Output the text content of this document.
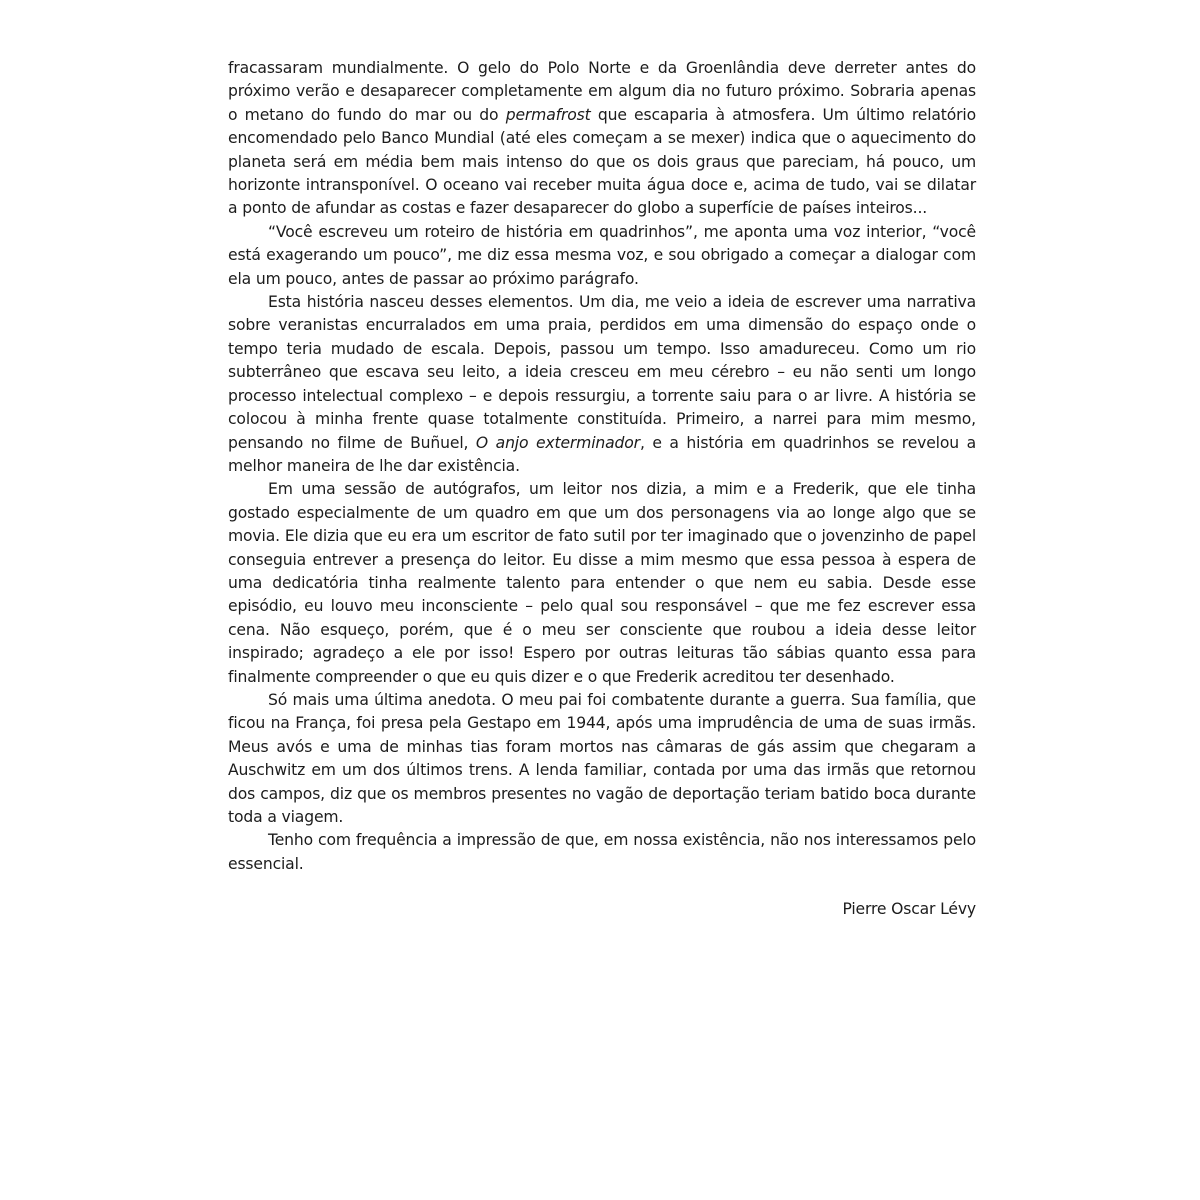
fracassaram mundialmente. O gelo do Polo Norte e da Groenlândia deve derreter antes do próximo verão e desaparecer completamente em algum dia no futuro próximo. Sobraria apenas o metano do fundo do mar ou do permafrost que escaparia à atmosfera. Um último relatório encomendado pelo Banco Mundial (até eles começam a se mexer) indica que o aquecimento do planeta será em média bem mais intenso do que os dois graus que pareciam, há pouco, um horizonte intransponível. O oceano vai receber muita água doce e, acima de tudo, vai se dilatar a ponto de afundar as costas e fazer desaparecer do globo a superfície de países inteiros...

“Você escreveu um roteiro de história em quadrinhos”, me aponta uma voz interior, “você está exagerando um pouco”, me diz essa mesma voz, e sou obrigado a começar a dialogar com ela um pouco, antes de passar ao próximo parágrafo.

Esta história nasceu desses elementos. Um dia, me veio a ideia de escrever uma narrativa sobre veranistas encurralados em uma praia, perdidos em uma dimensão do espaço onde o tempo teria mudado de escala. Depois, passou um tempo. Isso amadureceu. Como um rio subterrâneo que escava seu leito, a ideia cresceu em meu cérebro – eu não senti um longo processo intelectual complexo – e depois ressurgiu, a torrente saiu para o ar livre. A história se colocou à minha frente quase totalmente constituída. Primeiro, a narrei para mim mesmo, pensando no filme de Buñuel, O anjo exterminador, e a história em quadrinhos se revelou a melhor maneira de lhe dar existência.

Em uma sessão de autógrafos, um leitor nos dizia, a mim e a Frederik, que ele tinha gostado especialmente de um quadro em que um dos personagens via ao longe algo que se movia. Ele dizia que eu era um escritor de fato sutil por ter imaginado que o jovenzinho de papel conseguia entrever a presença do leitor. Eu disse a mim mesmo que essa pessoa à espera de uma dedicatória tinha realmente talento para entender o que nem eu sabia. Desde esse episódio, eu louvo meu inconsciente – pelo qual sou responsável – que me fez escrever essa cena. Não esqueço, porém, que é o meu ser consciente que roubou a ideia desse leitor inspirado; agradeço a ele por isso! Espero por outras leituras tão sábias quanto essa para finalmente compreender o que eu quis dizer e o que Frederik acreditou ter desenhado.

Só mais uma última anedota. O meu pai foi combatente durante a guerra. Sua família, que ficou na França, foi presa pela Gestapo em 1944, após uma imprudência de uma de suas irmãs. Meus avós e uma de minhas tias foram mortos nas câmaras de gás assim que chegaram a Auschwitz em um dos últimos trens. A lenda familiar, contada por uma das irmãs que retornou dos campos, diz que os membros presentes no vagão de deportação teriam batido boca durante toda a viagem.

Tenho com frequência a impressão de que, em nossa existência, não nos interessamos pelo essencial.

Pierre Oscar Lévy
